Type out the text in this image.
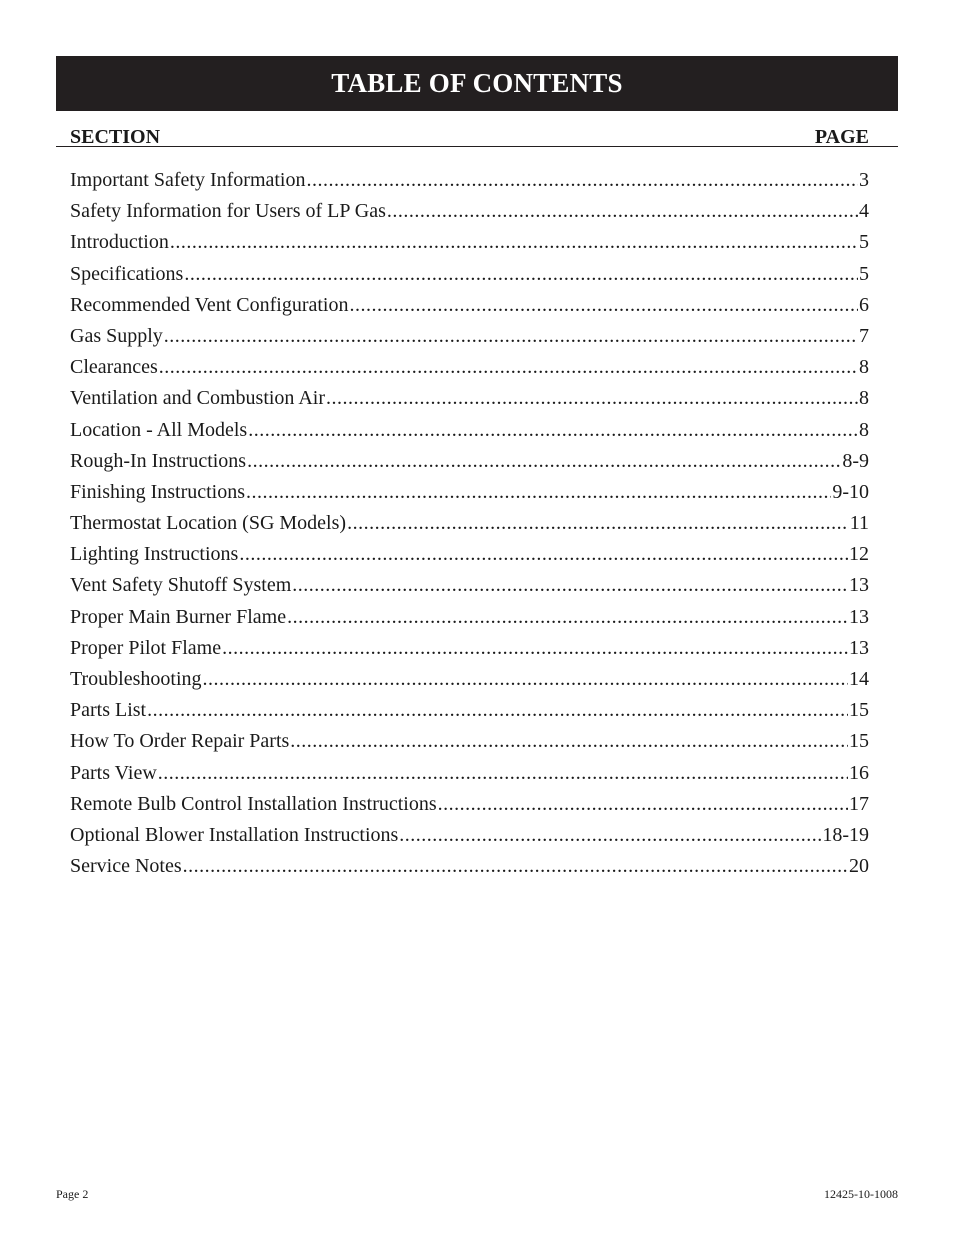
TABLE OF CONTENTS
SECTION	PAGE
Important Safety Information .....	3
Safety Information for Users of LP Gas .....	4
Introduction .....	5
Specifications .....	5
Recommended Vent Configuration .....	6
Gas Supply .....	7
Clearances .....	8
Ventilation and Combustion Air .....	8
Location - All Models .....	8
Rough-In Instructions .....	8-9
Finishing Instructions .....	9-10
Thermostat Location (SG Models) .....	11
Lighting Instructions .....	12
Vent Safety Shutoff System .....	13
Proper Main Burner Flame .....	13
Proper Pilot Flame .....	13
Troubleshooting .....	14
Parts List .....	15
How To Order Repair Parts .....	15
Parts View .....	16
Remote Bulb Control Installation Instructions .....	17
Optional Blower Installation Instructions .....	18-19
Service Notes .....	20
Page 2	12425-10-1008
